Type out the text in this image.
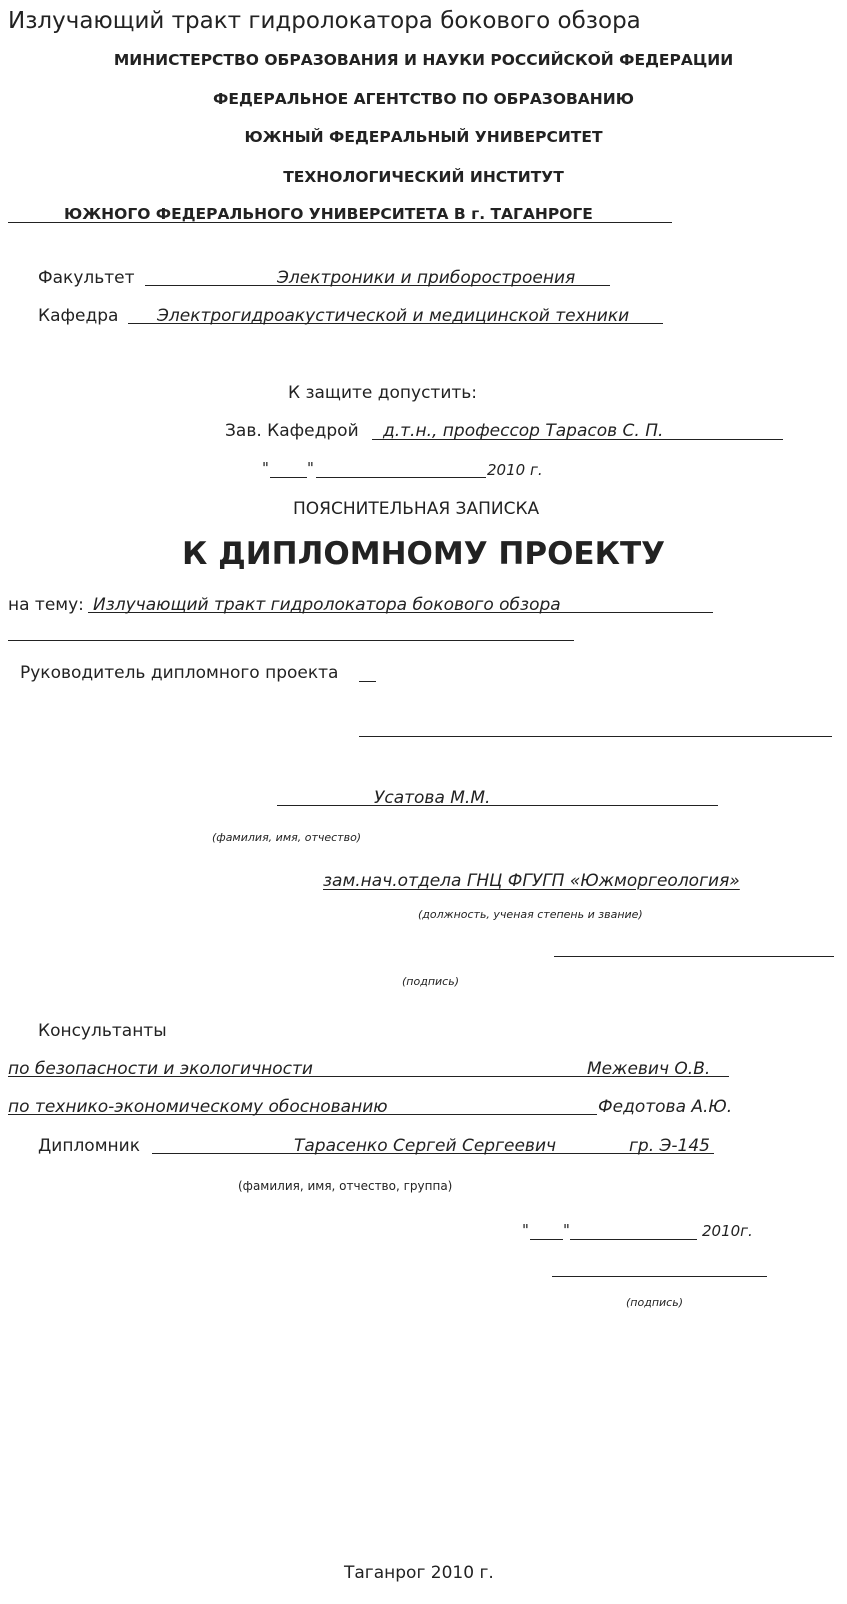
Излучающий тракт гидролокатора бокового обзора
МИНИСТЕРСТВО ОБРАЗОВАНИЯ И НАУКИ РОССИЙСКОЙ ФЕДЕРАЦИИ
ФЕДЕРАЛЬНОЕ АГЕНТСТВО ПО ОБРАЗОВАНИЮ
ЮЖНЫЙ ФЕДЕРАЛЬНЫЙ УНИВЕРСИТЕТ
ТЕХНОЛОГИЧЕСКИЙ ИНСТИТУТ
ЮЖНОГО ФЕДЕРАЛЬНОГО УНИВЕРСИТЕТА В г. ТАГАНРОГЕ
Факультет	Электроники и приборостроения
Кафедра Электрогидроакустической и медицинской техники
К защите допустить:
Зав. Кафедрой д.т.н., профессор Тарасов С. П.
"	"	2010 г.
ПОЯСНИТЕЛЬНАЯ ЗАПИСКА
К ДИПЛОМНОМУ ПРОЕКТУ
на тему: Излучающий тракт гидролокатора бокового обзора
Руководитель дипломного проекта
Усатова М.М.
(фамилия, имя, отчество)
зам.нач.отдела ГНЦ ФГУГП «Южморгеология»
(должность, ученая степень и звание)
(подпись)
Консультанты
по безопасности и экологичности	Межевич О.В.
по технико-экономическому обоснованию	Федотова А.Ю.
Дипломник	Тарасенко Сергей Сергеевич	гр. Э-145
(фамилия, имя, отчество, группа)
" "	2010г.
(подпись)
Таганрог 2010 г.
